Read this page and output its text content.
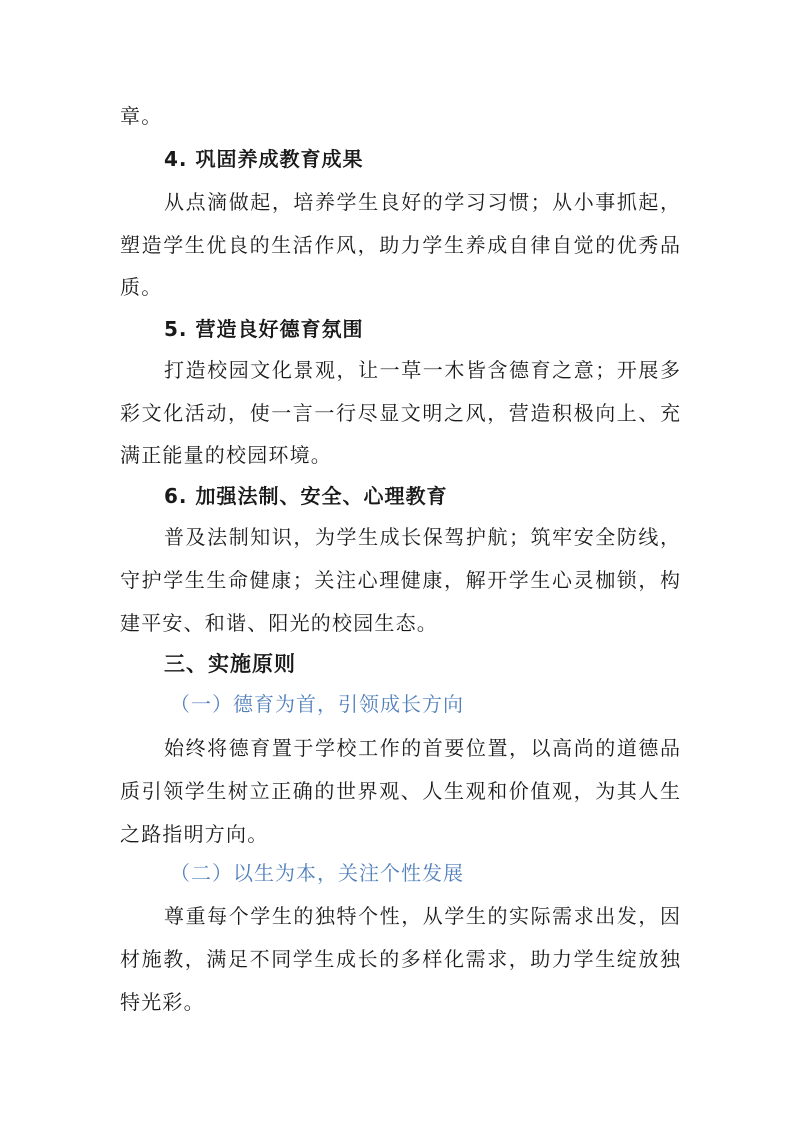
章。
4. 巩固养成教育成果
从点滴做起，培养学生良好的学习习惯；从小事抓起，
塑造学生优良的生活作风，助力学生养成自律自觉的优秀品
质。
5. 营造良好德育氛围
打造校园文化景观，让一草一木皆含德育之意；开展多
彩文化活动，使一言一行尽显文明之风，营造积极向上、充
满正能量的校园环境。
6. 加强法制、安全、心理教育
普及法制知识，为学生成长保驾护航；筑牢安全防线，
守护学生生命健康；关注心理健康，解开学生心灵枷锁，构
建平安、和谐、阳光的校园生态。
三、实施原则
（一）德育为首，引领成长方向
始终将德育置于学校工作的首要位置，以高尚的道德品
质引领学生树立正确的世界观、人生观和价值观，为其人生
之路指明方向。
（二）以生为本，关注个性发展
尊重每个学生的独特个性，从学生的实际需求出发，因
材施教，满足不同学生成长的多样化需求，助力学生绽放独
特光彩。
